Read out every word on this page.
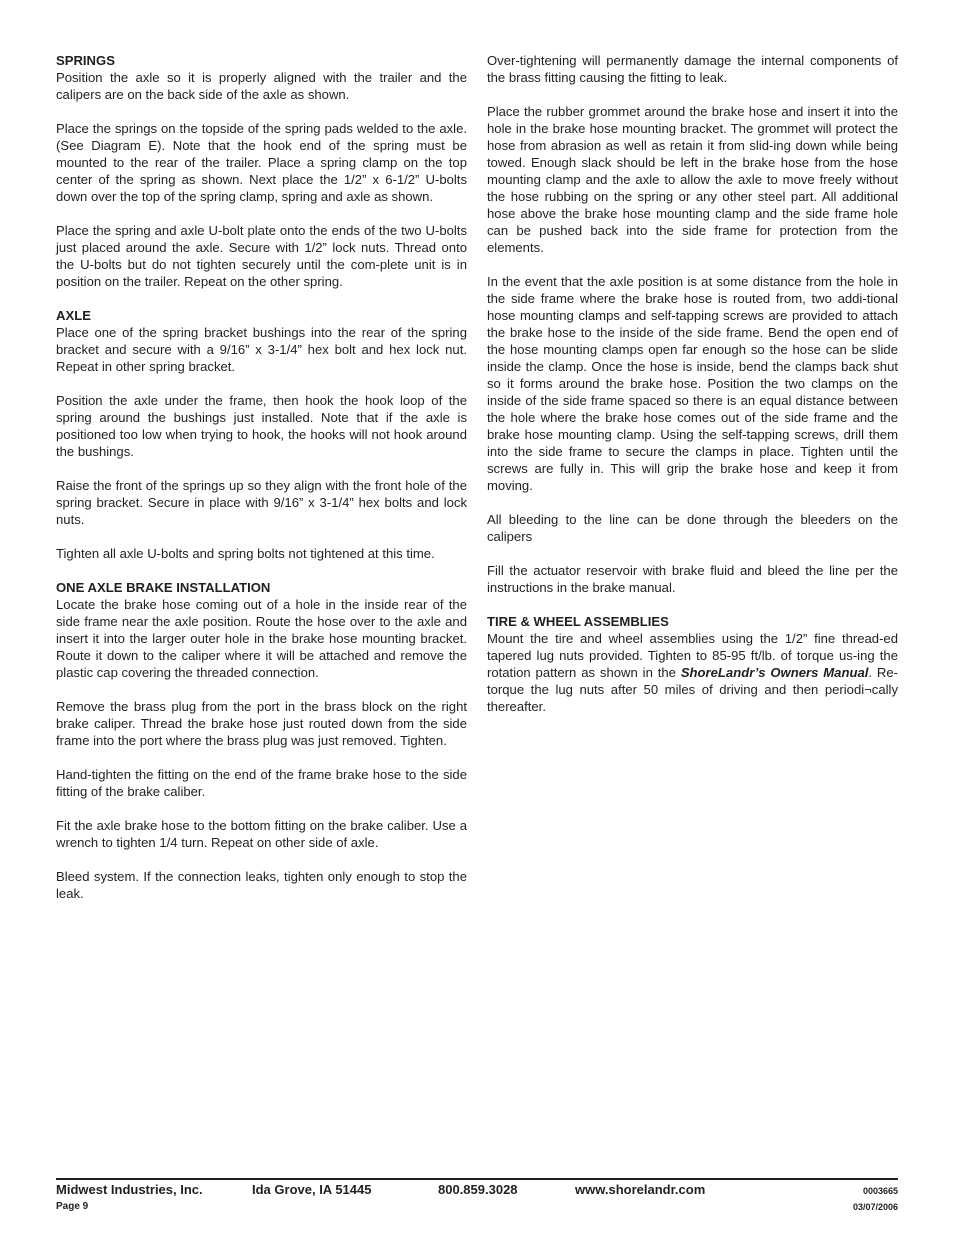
SPRINGS

Position the axle so it is properly aligned with the trailer and the calipers are on the back side of the axle as shown.

Place the springs on the topside of the spring pads welded to the axle. (See Diagram E). Note that the hook end of the spring must be mounted to the rear of the trailer. Place a spring clamp on the top center of the spring as shown. Next place the 1/2” x 6-1/2” U-bolts down over the top of the spring clamp, spring and axle as shown.

Place the spring and axle U-bolt plate onto the ends of the two U-bolts just placed around the axle. Secure with 1/2” lock nuts. Thread onto the U-bolts but do not tighten securely until the com-plete unit is in position on the trailer. Repeat on the other spring.

AXLE

Place one of the spring bracket bushings into the rear of the spring bracket and secure with a 9/16” x 3-1/4” hex bolt and hex lock nut. Repeat in other spring bracket.

Position the axle under the frame, then hook the hook loop of the spring around the bushings just installed. Note that if the axle is positioned too low when trying to hook, the hooks will not hook around the bushings.

Raise the front of the springs up so they align with the front hole of the spring bracket. Secure in place with 9/16” x 3-1/4” hex bolts and lock nuts.

Tighten all axle U-bolts and spring bolts not tightened at this time.

ONE AXLE BRAKE INSTALLATION

Locate the brake hose coming out of a hole in the inside rear of the side frame near the axle position. Route the hose over to the axle and insert it into the larger outer hole in the brake hose mounting bracket. Route it down to the caliper where it will be attached and remove the plastic cap covering the threaded connection.

Remove the brass plug from the port in the brass block on the right brake caliper. Thread the brake hose just routed down from the side frame into the port where the brass plug was just removed. Tighten.

Hand-tighten the fitting on the end of the frame brake hose to the side fitting of the brake caliber.

Fit the axle brake hose to the bottom fitting on the brake caliber. Use a wrench to tighten 1/4 turn. Repeat on other side of axle.

Bleed system. If the connection leaks, tighten only enough to stop the leak.

Over-tightening will permanently damage the internal components of the brass fitting causing the fitting to leak.

Place the rubber grommet around the brake hose and insert it into the hole in the brake hose mounting bracket. The grommet will protect the hose from abrasion as well as retain it from slid-ing down while being towed. Enough slack should be left in the brake hose from the hose mounting clamp and the axle to allow the axle to move freely without the hose rubbing on the spring or any other steel part. All additional hose above the brake hose mounting clamp and the side frame hole can be pushed back into the side frame for protection from the elements.

In the event that the axle position is at some distance from the hole in the side frame where the brake hose is routed from, two addi-tional hose mounting clamps and self-tapping screws are provided to attach the brake hose to the inside of the side frame. Bend the open end of the hose mounting clamps open far enough so the hose can be slide inside the clamp. Once the hose is inside, bend the clamps back shut so it forms around the brake hose. Position the two clamps on the inside of the side frame spaced so there is an equal distance between the hole where the brake hose comes out of the side frame and the brake hose mounting clamp. Using the self-tapping screws, drill them into the side frame to secure the clamps in place. Tighten until the screws are fully in. This will grip the brake hose and keep it from moving.

All bleeding to the line can be done through the bleeders on the calipers

Fill the actuator reservoir with brake fluid and bleed the line per the instructions in the brake manual.

TIRE & WHEEL ASSEMBLIES

Mount the tire and wheel assemblies using the 1/2” fine thread-ed tapered lug nuts provided. Tighten to 85-95 ft/lb. of torque us-ing the rotation pattern as shown in the ShoreLandr’s Owners Manual. Re-torque the lug nuts after 50 miles of driving and then periodi¬cally thereafter.

Midwest Industries, Inc.	Ida Grove, IA 51445	800.859.3028	www.shorelandr.com
Page 9
0003665
03/07/2006
